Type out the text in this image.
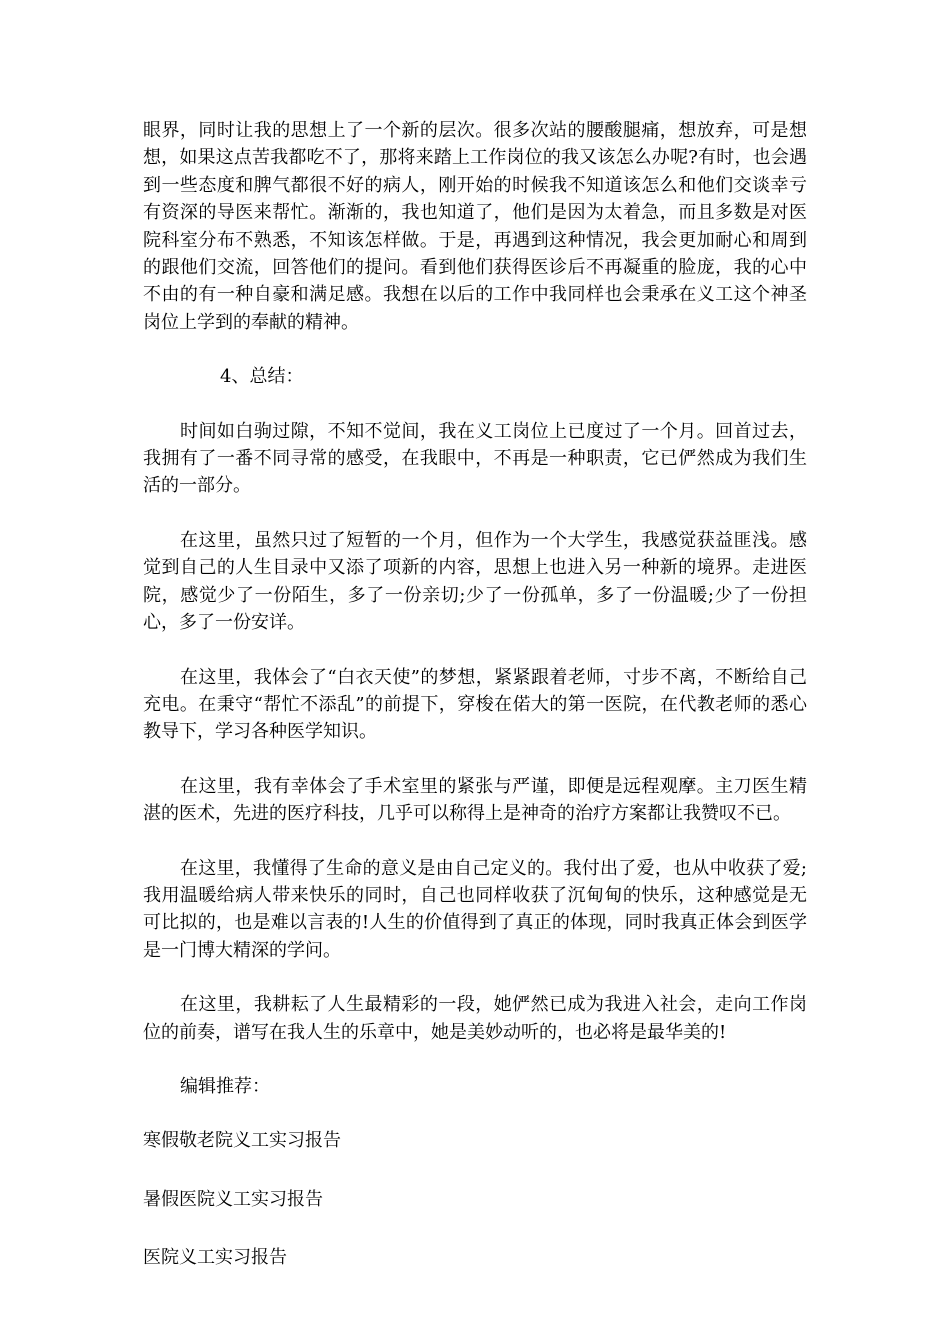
眼界，同时让我的思想上了一个新的层次。很多次站的腰酸腿痛，想放弃，可是想想，如果这点苦我都吃不了，那将来踏上工作岗位的我又该怎么办呢?有时，也会遇到一些态度和脾气都很不好的病人，刚开始的时候我不知道该怎么和他们交谈幸亏有资深的导医来帮忙。渐渐的，我也知道了，他们是因为太着急，而且多数是对医院科室分布不熟悉，不知该怎样做。于是，再遇到这种情况，我会更加耐心和周到的跟他们交流，回答他们的提问。看到他们获得医诊后不再凝重的脸庞，我的心中不由的有一种自豪和满足感。我想在以后的工作中我同样也会秉承在义工这个神圣岗位上学到的奉献的精神。

4、总结：

时间如白驹过隙，不知不觉间，我在义工岗位上已度过了一个月。回首过去，我拥有了一番不同寻常的感受，在我眼中，不再是一种职责，它已俨然成为我们生活的一部分。

在这里，虽然只过了短暂的一个月，但作为一个大学生，我感觉获益匪浅。感觉到自己的人生目录中又添了项新的内容，思想上也进入另一种新的境界。走进医院，感觉少了一份陌生，多了一份亲切;少了一份孤单，多了一份温暖;少了一份担心，多了一份安详。

在这里，我体会了“白衣天使”的梦想，紧紧跟着老师，寸步不离，不断给自己充电。在秉守“帮忙不添乱”的前提下，穿梭在偌大的第一医院，在代教老师的悉心教导下，学习各种医学知识。

在这里，我有幸体会了手术室里的紧张与严谨，即便是远程观摩。主刀医生精湛的医术，先进的医疗科技，几乎可以称得上是神奇的治疗方案都让我赞叹不已。

在这里，我懂得了生命的意义是由自己定义的。我付出了爱，也从中收获了爱;我用温暖给病人带来快乐的同时，自己也同样收获了沉甸甸的快乐，这种感觉是无可比拟的，也是难以言表的!人生的价值得到了真正的体现，同时我真正体会到医学是一门博大精深的学问。

在这里，我耕耘了人生最精彩的一段，她俨然已成为我进入社会，走向工作岗位的前奏，谱写在我人生的乐章中，她是美妙动听的，也必将是最华美的!

编辑推荐：

寒假敬老院义工实习报告

暑假医院义工实习报告

医院义工实习报告
